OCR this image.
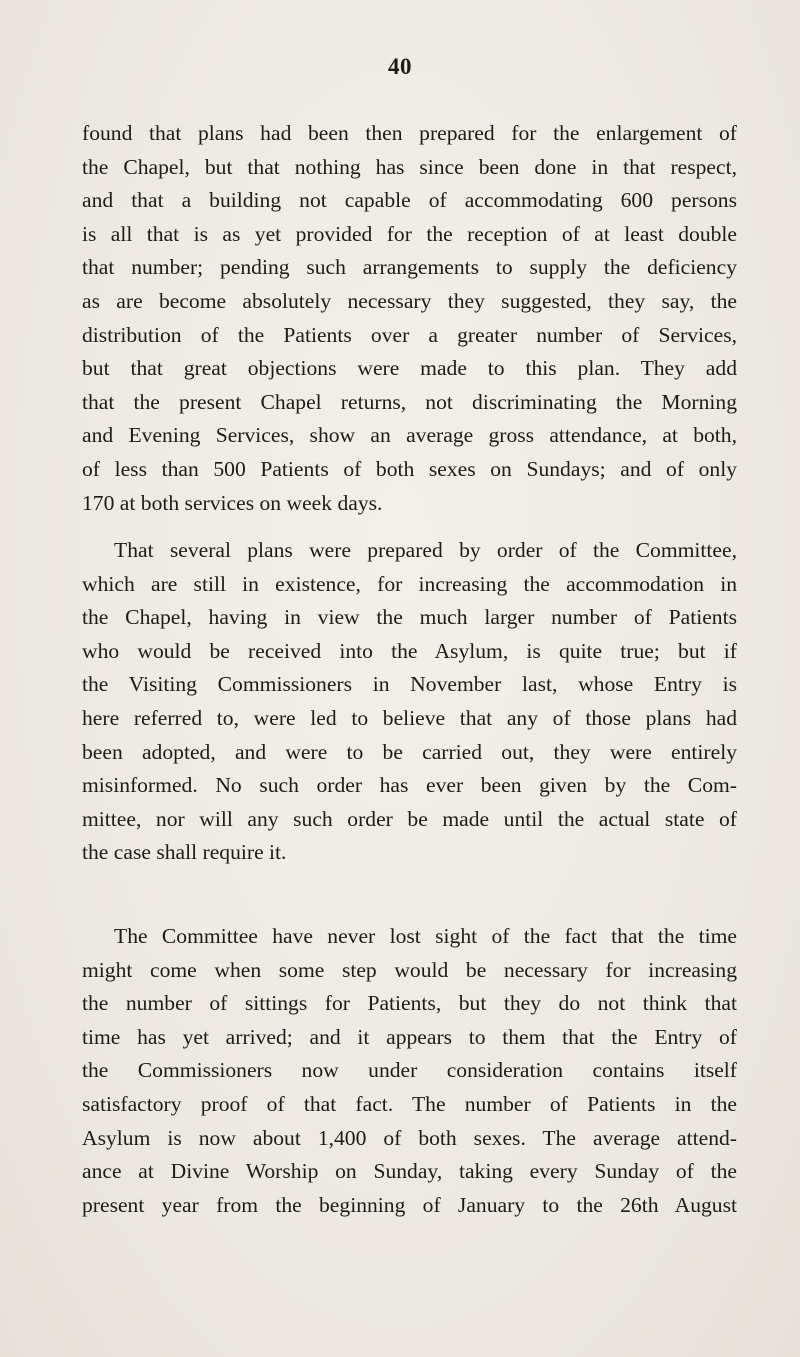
40
found that plans had been then prepared for the enlargement of
the Chapel, but that nothing has since been done in that respect,
and that a building not capable of accommodating 600 persons
is all that is as yet provided for the reception of at least double
that number; pending such arrangements to supply the deficiency
as are become absolutely necessary they suggested, they say, the
distribution of the Patients over a greater number of Services,
but that great objections were made to this plan. They add
that the present Chapel returns, not discriminating the Morning
and Evening Services, show an average gross attendance, at both,
of less than 500 Patients of both sexes on Sundays; and of only
170 at both services on week days.
That several plans were prepared by order of the Committee,
which are still in existence, for increasing the accommodation in
the Chapel, having in view the much larger number of Patients
who would be received into the Asylum, is quite true; but if
the Visiting Commissioners in November last, whose Entry is
here referred to, were led to believe that any of those plans had
been adopted, and were to be carried out, they were entirely
misinformed. No such order has ever been given by the Com-
mittee, nor will any such order be made until the actual state of
the case shall require it.
The Committee have never lost sight of the fact that the time
might come when some step would be necessary for increasing
the number of sittings for Patients, but they do not think that
time has yet arrived; and it appears to them that the Entry of
the Commissioners now under consideration contains itself
satisfactory proof of that fact. The number of Patients in the
Asylum is now about 1,400 of both sexes. The average attend-
ance at Divine Worship on Sunday, taking every Sunday of the
present year from the beginning of January to the 26th August
